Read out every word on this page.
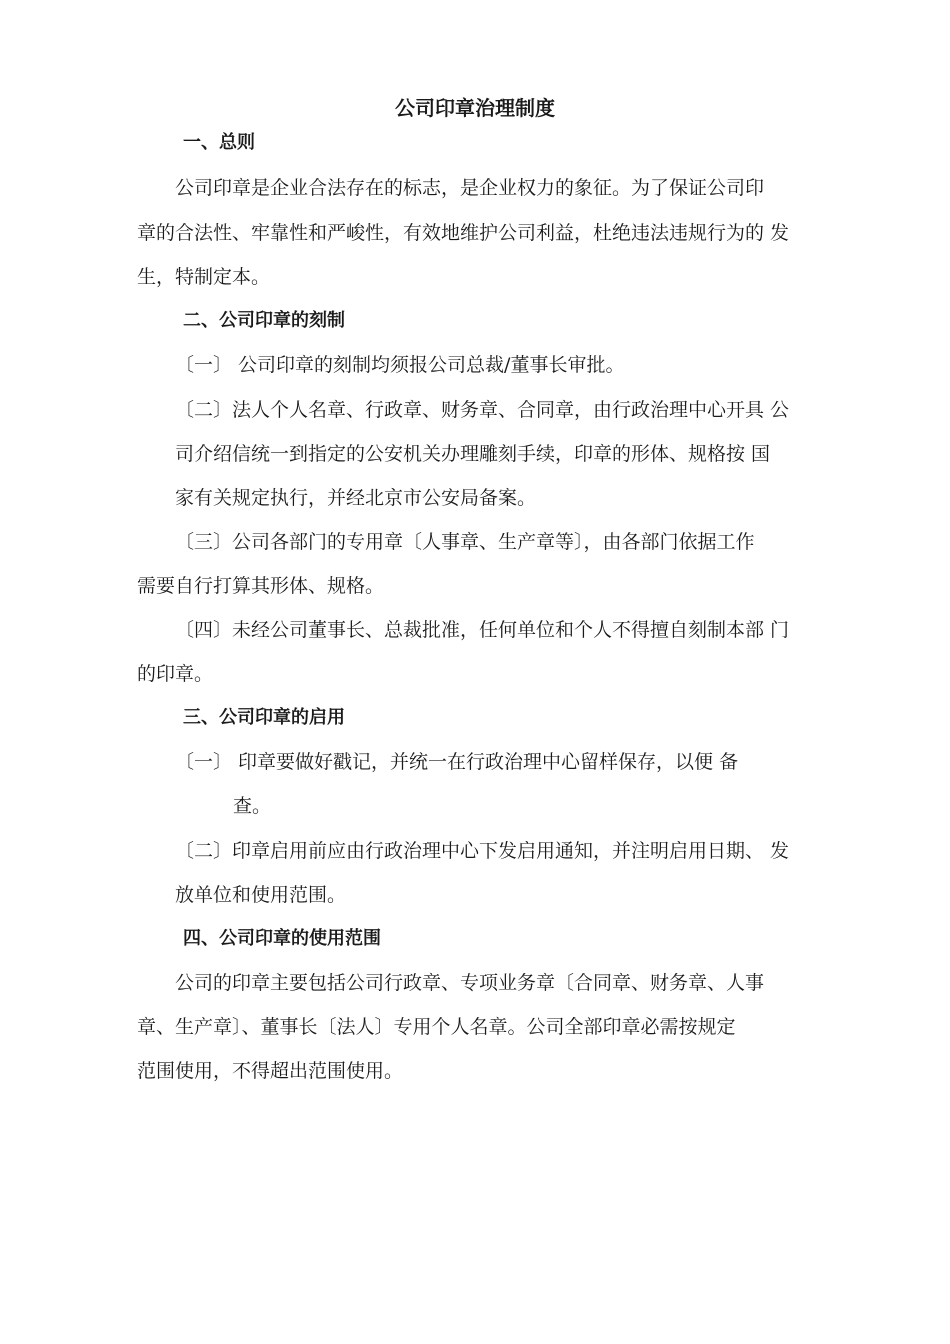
公司印章治理制度

一、总则

公司印章是企业合法存在的标志，是企业权力的象征。为了保证公司印

章的合法性、牢靠性和严峻性，有效地维护公司利益，杜绝违法违规行为的 发

生，特制定本。

二、公司印章的刻制

〔一〕 公司印章的刻制均须报公司总裁/董事长审批。

〔二〕法人个人名章、行政章、财务章、合同章，由行政治理中心开具 公

司介绍信统一到指定的公安机关办理雕刻手续，印章的形体、规格按 国

家有关规定执行，并经北京市公安局备案。

〔三〕公司各部门的专用章〔人事章、生产章等〕，由各部门依据工作

需要自行打算其形体、规格。

〔四〕未经公司董事长、总裁批准，任何单位和个人不得擅自刻制本部 门

的印章。

三、公司印章的启用

〔一〕 印章要做好戳记，并统一在行政治理中心留样保存，以便 备

查。

〔二〕印章启用前应由行政治理中心下发启用通知，并注明启用日期、 发

放单位和使用范围。

四、公司印章的使用范围

公司的印章主要包括公司行政章、专项业务章〔合同章、财务章、人事

章、生产章〕、董事长〔法人〕专用个人名章。公司全部印章必需按规定

范围使用，不得超出范围使用。
